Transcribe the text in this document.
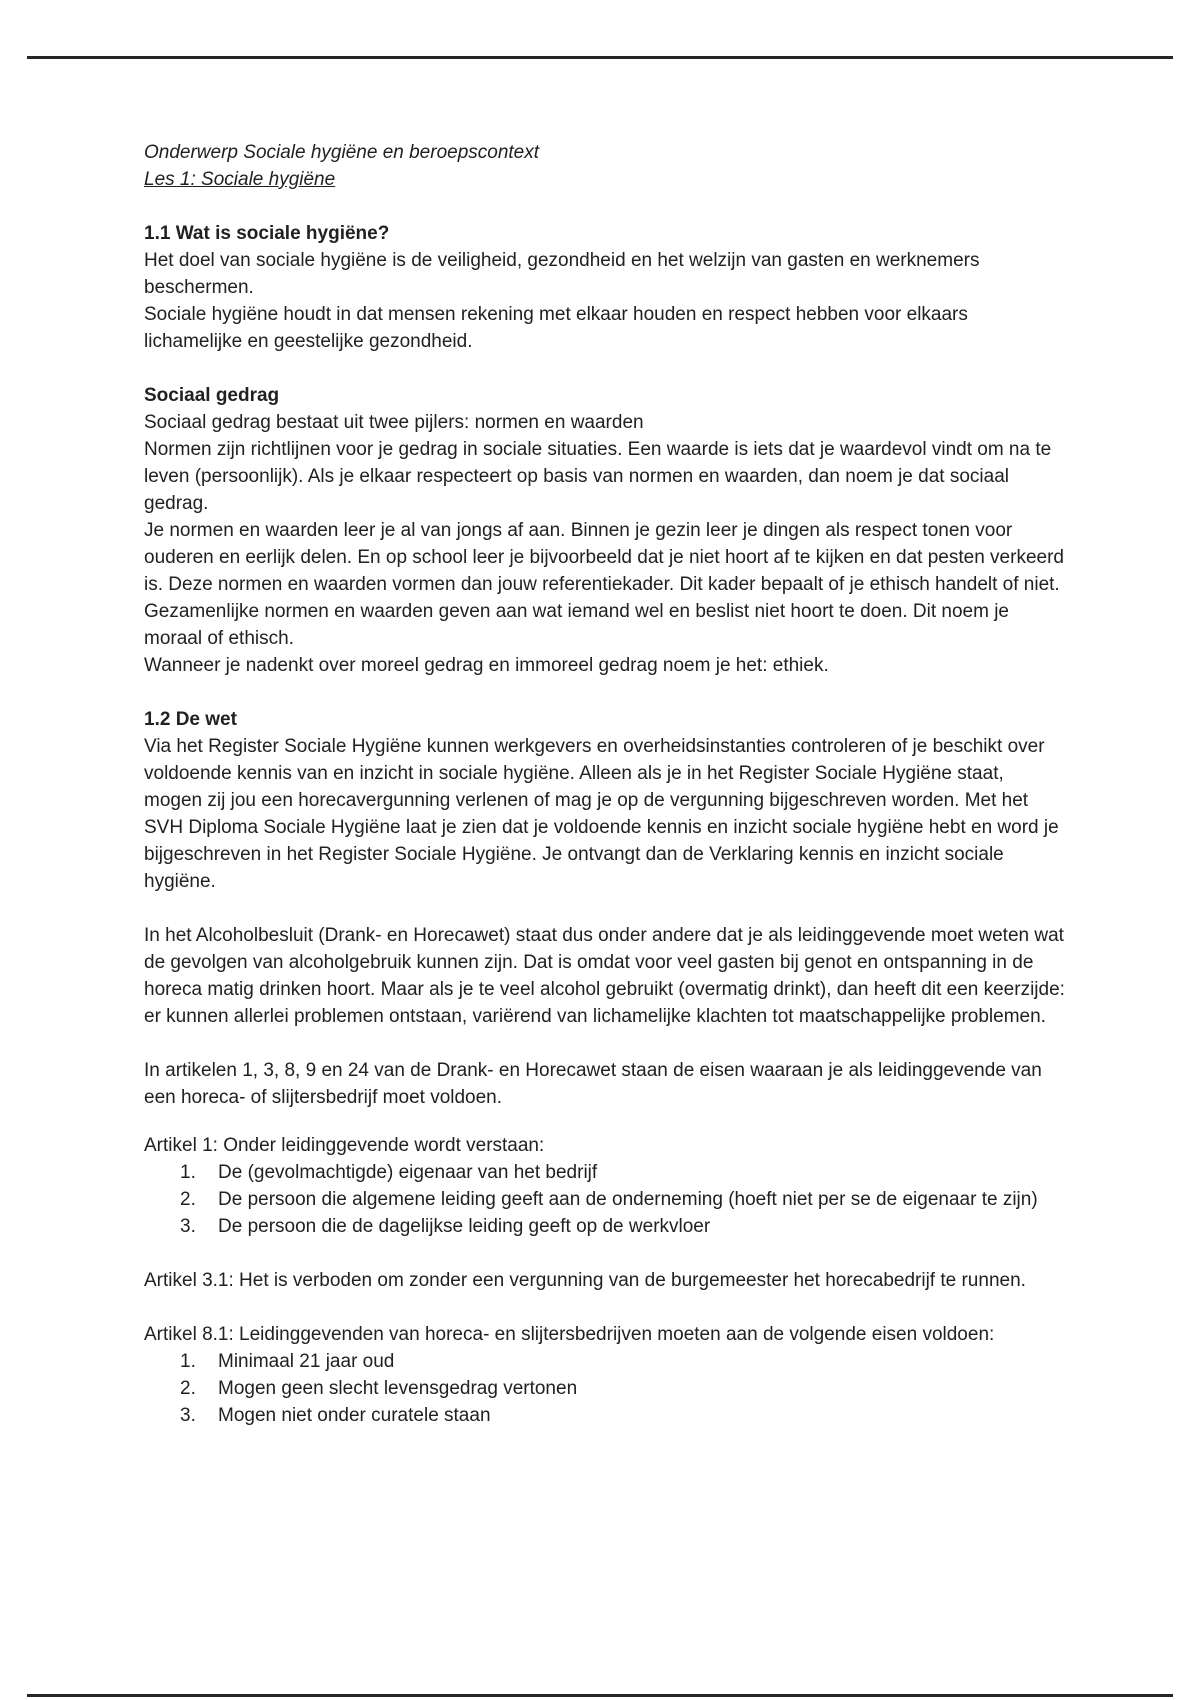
Onderwerp Sociale hygiëne en beroepscontext

Les 1: Sociale hygiëne

1.1 Wat is sociale hygiëne?

Het doel van sociale hygiëne is de veiligheid, gezondheid en het welzijn van gasten en werknemers beschermen.

Sociale hygiëne houdt in dat mensen rekening met elkaar houden en respect hebben voor elkaars lichamelijke en geestelijke gezondheid.

Sociaal gedrag

Sociaal gedrag bestaat uit twee pijlers: normen en waarden

Normen zijn richtlijnen voor je gedrag in sociale situaties. Een waarde is iets dat je waardevol vindt om na te leven (persoonlijk). Als je elkaar respecteert op basis van normen en waarden, dan noem je dat sociaal gedrag.

Je normen en waarden leer je al van jongs af aan. Binnen je gezin leer je dingen als respect tonen voor ouderen en eerlijk delen. En op school leer je bijvoorbeeld dat je niet hoort af te kijken en dat pesten verkeerd is. Deze normen en waarden vormen dan jouw referentiekader. Dit kader bepaalt of je ethisch handelt of niet.

Gezamenlijke normen en waarden geven aan wat iemand wel en beslist niet hoort te doen. Dit noem je moraal of ethisch.

Wanneer je nadenkt over moreel gedrag en immoreel gedrag noem je het: ethiek.

1.2 De wet

Via het Register Sociale Hygiëne kunnen werkgevers en overheidsinstanties controleren of je beschikt over voldoende kennis van en inzicht in sociale hygiëne. Alleen als je in het Register Sociale Hygiëne staat, mogen zij jou een horecavergunning verlenen of mag je op de vergunning bijgeschreven worden. Met het SVH Diploma Sociale Hygiëne laat je zien dat je voldoende kennis en inzicht sociale hygiëne hebt en word je bijgeschreven in het Register Sociale Hygiëne. Je ontvangt dan de Verklaring kennis en inzicht sociale hygiëne.

In het Alcoholbesluit (Drank- en Horecawet) staat dus onder andere dat je als leidinggevende moet weten wat de gevolgen van alcoholgebruik kunnen zijn. Dat is omdat voor veel gasten bij genot en ontspanning in de horeca matig drinken hoort. Maar als je te veel alcohol gebruikt (overmatig drinkt), dan heeft dit een keerzijde: er kunnen allerlei problemen ontstaan, variërend van lichamelijke klachten tot maatschappelijke problemen.

In artikelen 1, 3, 8, 9 en 24 van de Drank- en Horecawet staan de eisen waaraan je als leidinggevende van een horeca- of slijtersbedrijf moet voldoen.

Artikel 1: Onder leidinggevende wordt verstaan:

De (gevolmachtigde) eigenaar van het bedrijf
De persoon die algemene leiding geeft aan de onderneming (hoeft niet per se de eigenaar te zijn)
De persoon die de dagelijkse leiding geeft op de werkvloer

Artikel 3.1: Het is verboden om zonder een vergunning van de burgemeester het horecabedrijf te runnen.

Artikel 8.1: Leidinggevenden van horeca- en slijtersbedrijven moeten aan de volgende eisen voldoen:

Minimaal 21 jaar oud
Mogen geen slecht levensgedrag vertonen
Mogen niet onder curatele staan
